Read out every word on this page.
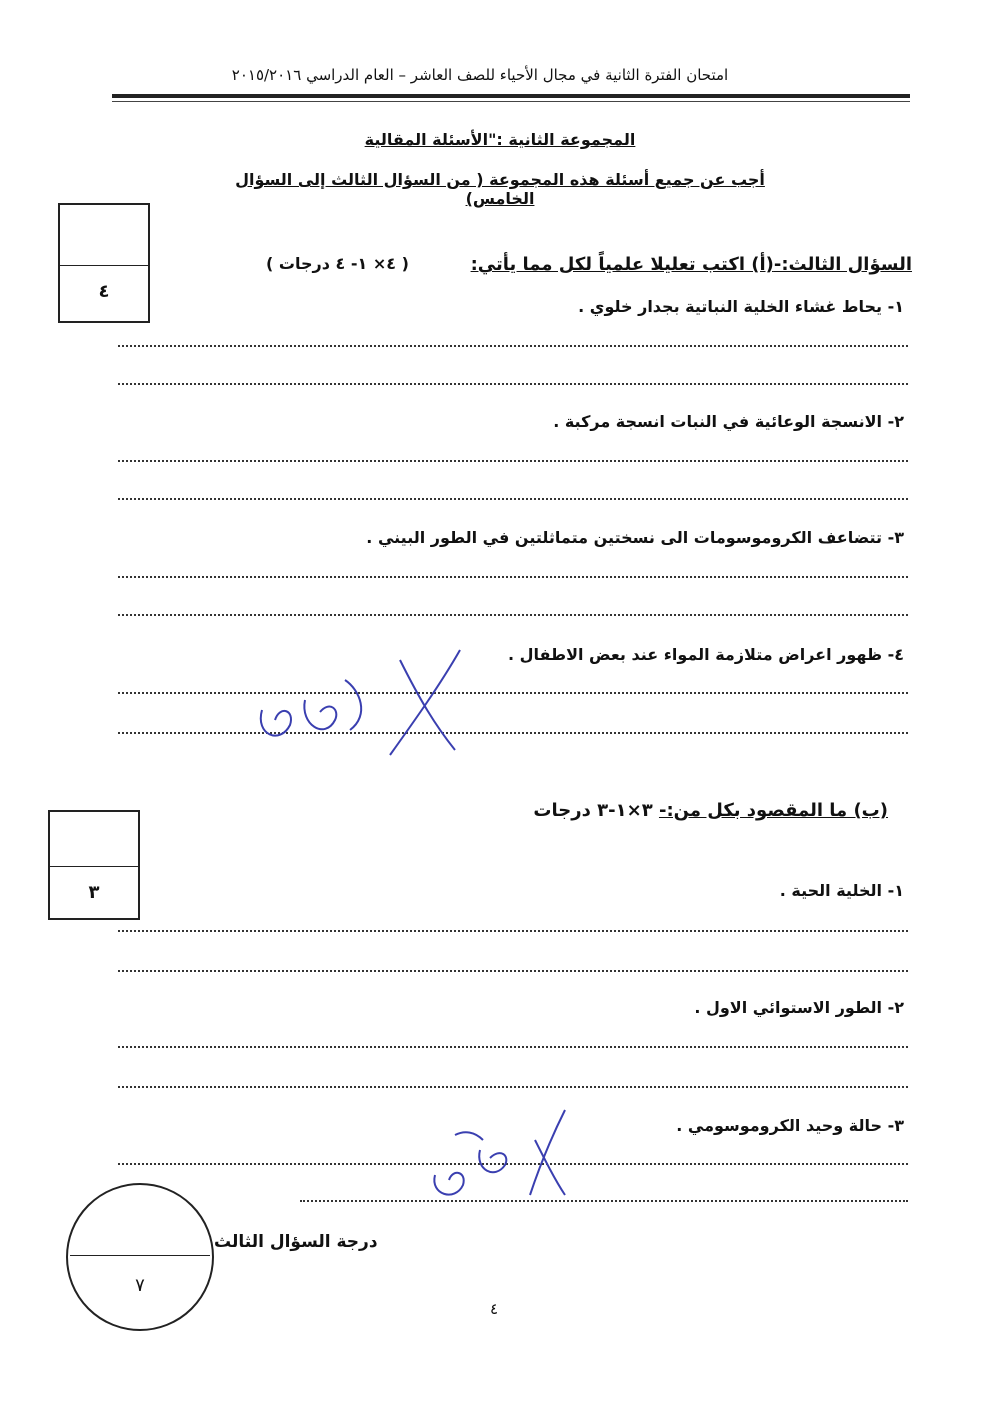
امتحان الفترة الثانية في مجال الأحياء للصف العاشر – العام الدراسي ٢٠١٥/٢٠١٦
المجموعة الثانية :"الأسئلة المقالية
أجب عن جميع أسئلة هذه المجموعة ( من السؤال الثالث إلى السؤال الخامس)
٤
السؤال الثالث:-(أ) اكتب تعليلا علمياً لكل مما يأتي:
( ٤× ١- ٤ درجات )
١- يحاط غشاء الخلية النباتية بجدار خلوي .
٢- الانسجة الوعائية في النبات انسجة مركبة .
٣- تتضاعف الكروموسومات الى نسختين متماثلتين في الطور البيني .
٤- ظهور اعراض متلازمة المواء عند بعض الاطفال .
٣
(ب) ما المقصود بكل من:- ٣×١-٣ درجات
١- الخلية الحية .
٢- الطور الاستوائي الاول .
٣- حالة وحيد الكروموسومي .
٧
درجة السؤال الثالث
٤
